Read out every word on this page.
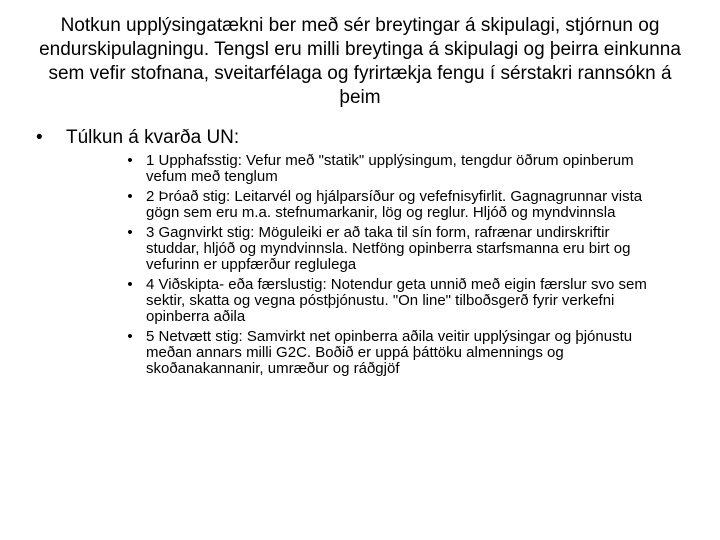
Notkun upplýsingatækni ber með sér breytingar á skipulagi, stjórnun og endurskipulagningu. Tengsl eru milli breytinga á skipulagi og þeirra einkunna sem vefir stofnana, sveitarfélaga og fyrirtækja fengu í sérstakri rannsókn á þeim
• Túlkun á kvarða UN:
• 1 Upphafsstig: Vefur með "statik" upplýsingum, tengdur öðrum opinberum vefum með tenglum
• 2 Þróað stig: Leitarvél og hjálparsíður og vefefnisyfirlit. Gagnagrunnar vista gögn sem eru m.a. stefnumarkanir, lög og reglur. Hljóð og myndvinnsla
• 3 Gagnvirkt stig: Möguleiki er að taka til sín form, rafrænar undirskriftir studdar, hljóð og myndvinnsla. Netföng opinberra starfsmanna eru birt og vefurinn er uppfærður reglulega
• 4 Viðskipta- eða færslustig: Notendur geta unnið með eigin færslur svo sem sektir, skatta og vegna póstþjónustu. "On line" tilboðsgerð fyrir verkefni opinberra aðila
• 5 Netvætt stig: Samvirkt net opinberra aðila veitir upplýsingar og þjónustu meðan annars milli G2C. Boðið er uppá þáttöku almennings og skoðanakannanir, umræður og ráðgjöf
